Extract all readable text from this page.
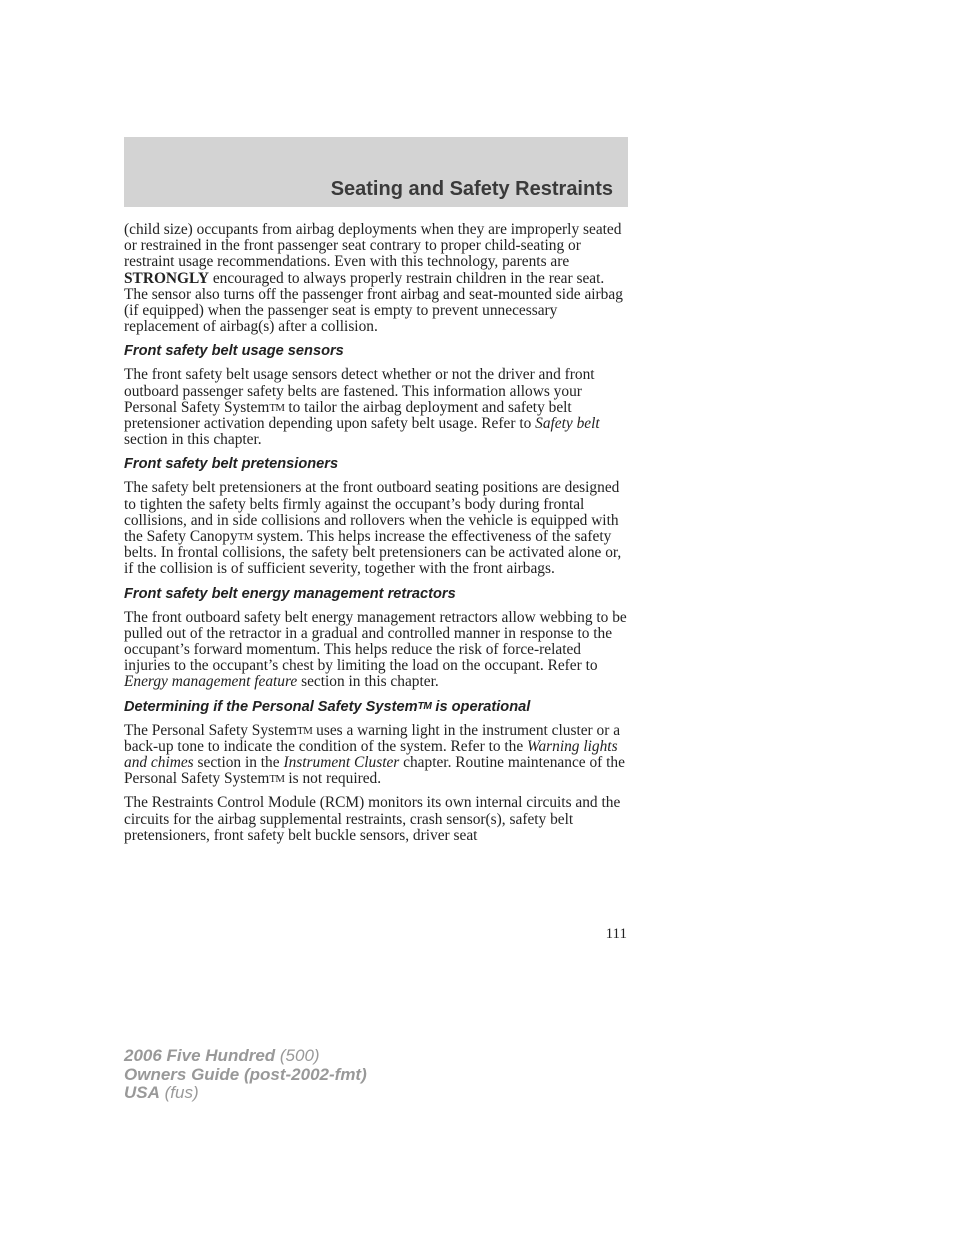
Seating and Safety Restraints

(child size) occupants from airbag deployments when they are improperly seated or restrained in the front passenger seat contrary to proper child-seating or restraint usage recommendations. Even with this technology, parents are STRONGLY encouraged to always properly restrain children in the rear seat. The sensor also turns off the passenger front airbag and seat-mounted side airbag (if equipped) when the passenger seat is empty to prevent unnecessary replacement of airbag(s) after a collision.

Front safety belt usage sensors

The front safety belt usage sensors detect whether or not the driver and front outboard passenger safety belts are fastened. This information allows your Personal Safety System™ to tailor the airbag deployment and safety belt pretensioner activation depending upon safety belt usage. Refer to Safety belt section in this chapter.

Front safety belt pretensioners

The safety belt pretensioners at the front outboard seating positions are designed to tighten the safety belts firmly against the occupant’s body during frontal collisions, and in side collisions and rollovers when the vehicle is equipped with the Safety Canopy™ system. This helps increase the effectiveness of the safety belts. In frontal collisions, the safety belt pretensioners can be activated alone or, if the collision is of sufficient severity, together with the front airbags.

Front safety belt energy management retractors

The front outboard safety belt energy management retractors allow webbing to be pulled out of the retractor in a gradual and controlled manner in response to the occupant’s forward momentum. This helps reduce the risk of force-related injuries to the occupant’s chest by limiting the load on the occupant. Refer to Energy management feature section in this chapter.

Determining if the Personal Safety System™ is operational

The Personal Safety System™ uses a warning light in the instrument cluster or a back-up tone to indicate the condition of the system. Refer to the Warning lights and chimes section in the Instrument Cluster chapter. Routine maintenance of the Personal Safety System™ is not required.

The Restraints Control Module (RCM) monitors its own internal circuits and the circuits for the airbag supplemental restraints, crash sensor(s), safety belt pretensioners, front safety belt buckle sensors, driver seat

111
2006 Five Hundred (500)
Owners Guide (post-2002-fmt)
USA (fus)
